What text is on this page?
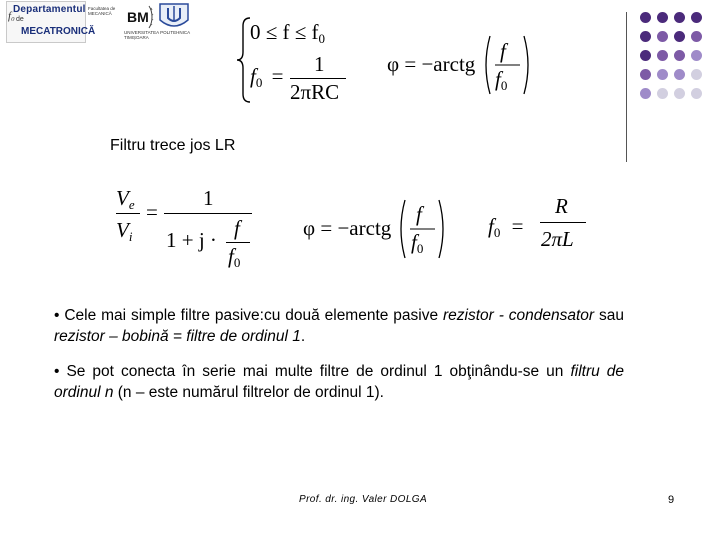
f₀
Departamentul
de
MECATRONICĂ
Facultatea de MECANICĂ	BM
UNIVERSITATEA POLITEHNICA TIMIȘOARA	$0 \le f \le f_0$
$f_0 = 1$
2πRC
φ = −arctg
f
$f_0$
Filtru trece jos LR
$V_e$
$V_i$
=
1
1 + j · f
$f_0$
φ = −arctg
f
$f_0$
$f_0$ =
R
2πL
• Cele mai simple filtre pasive:cu două elemente pasive rezistor - condensator sau rezistor – bobină = filtre de ordinul 1.
• Se pot conecta în serie mai multe filtre de ordinul 1 obţinându-se un filtru de ordinul n (n – este numărul filtrelor de ordinul 1).
Prof. dr. ing. Valer DOLGA	9
